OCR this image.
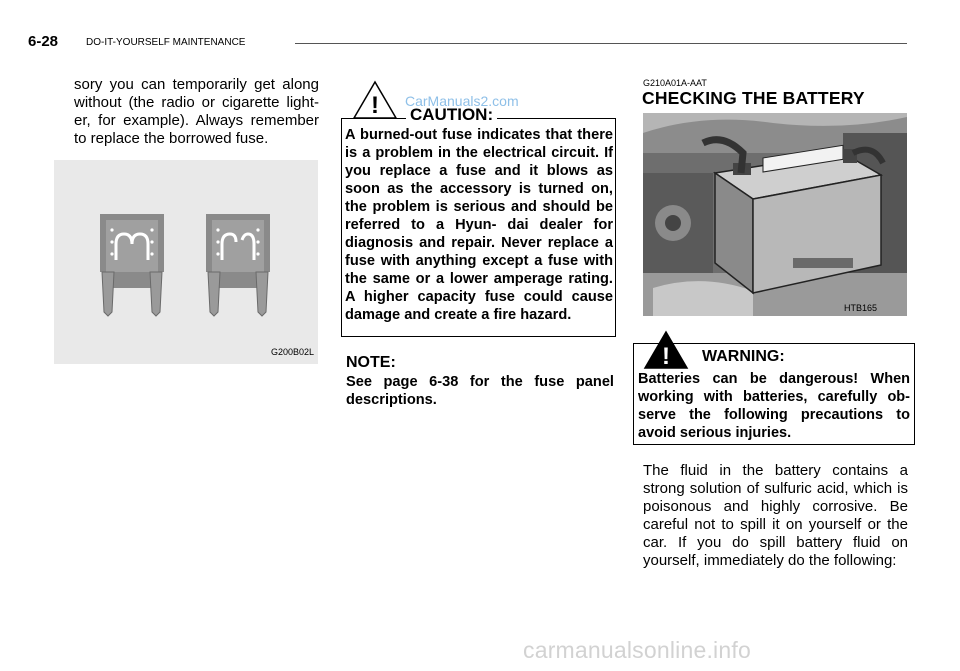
6-28	DO-IT-YOURSELF MAINTENANCE
sory you can temporarily get along without (the radio or cigarette light- er, for example). Always remember to replace the borrowed fuse.
G200B02L
! CAUTION:
A burned-out fuse indicates that there is a problem in the electrical circuit. If you replace a fuse and it blows as soon as the accessory is turned on, the problem is serious and should be referred to a Hyun- dai dealer for diagnosis and repair. Never replace a fuse with anything except a fuse with the same or a lower amperage rating. A higher capacity fuse could cause damage and create a fire hazard.
CarManuals2.com
NOTE:
See page 6-38 for the fuse panel descriptions.
G210A01A-AAT
CHECKING THE BATTERY
HTB165
! WARNING:
Batteries can be dangerous! When working with batteries, carefully ob- serve the following precautions to avoid serious injuries.
The fluid in the battery contains a strong solution of sulfuric acid, which is poisonous and highly corrosive. Be careful not to spill it on yourself or the car. If you do spill battery fluid on yourself, immediately do the following:
carmanualsonline.info
